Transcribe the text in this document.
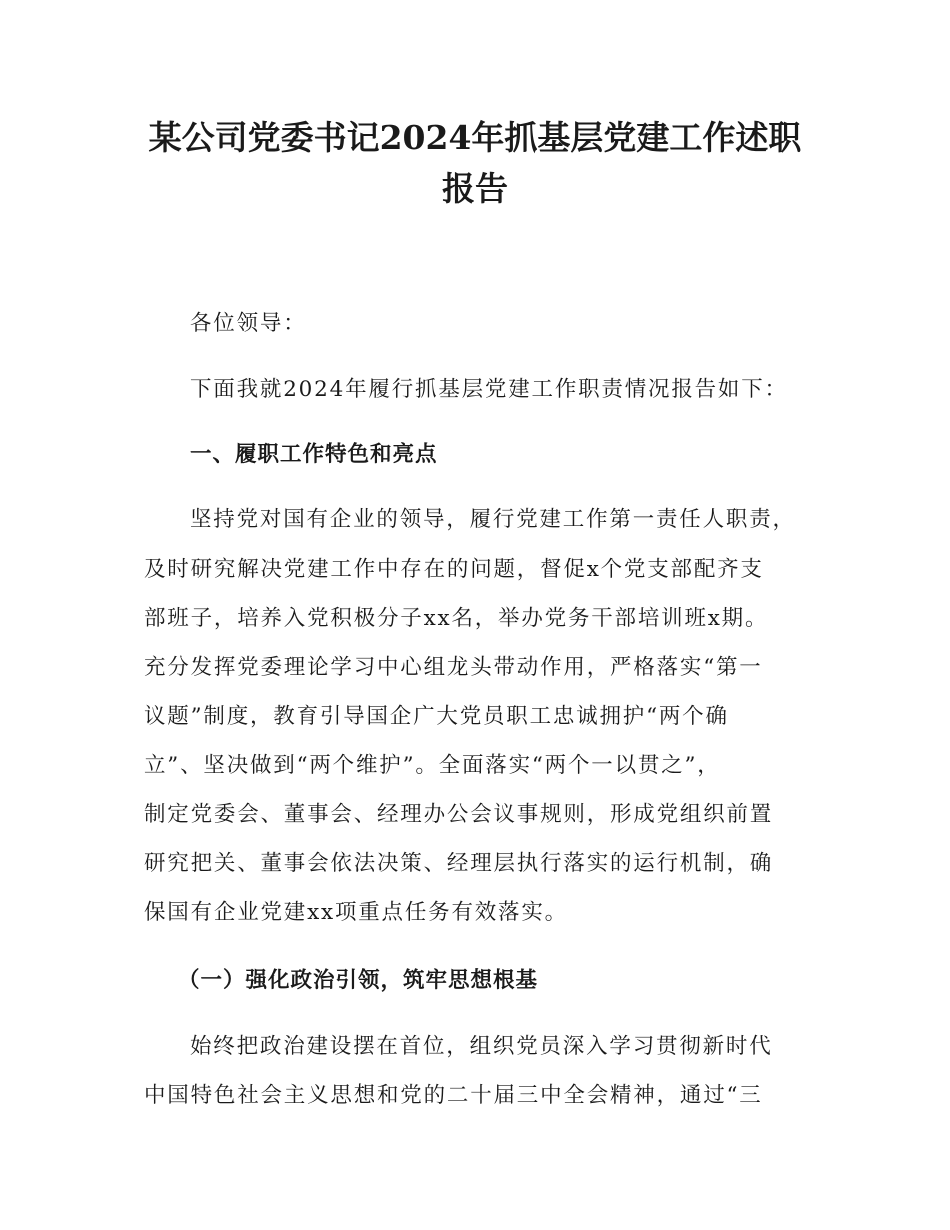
某公司党委书记2024年抓基层党建工作述职
报告
各位领导：
下面我就2024年履行抓基层党建工作职责情况报告如下：
一、履职工作特色和亮点
坚持党对国有企业的领导，履行党建工作第一责任人职责，
及时研究解决党建工作中存在的问题，督促x个党支部配齐支
部班子，培养入党积极分子xx名，举办党务干部培训班x期。
充分发挥党委理论学习中心组龙头带动作用，严格落实“第一
议题”制度，教育引导国企广大党员职工忠诚拥护“两个确
立”、坚决做到“两个维护”。全面落实“两个一以贯之”，
制定党委会、董事会、经理办公会议事规则，形成党组织前置
研究把关、董事会依法决策、经理层执行落实的运行机制，确
保国有企业党建xx项重点任务有效落实。
（一）强化政治引领，筑牢思想根基
始终把政治建设摆在首位，组织党员深入学习贯彻新时代
中国特色社会主义思想和党的二十届三中全会精神，通过“三
